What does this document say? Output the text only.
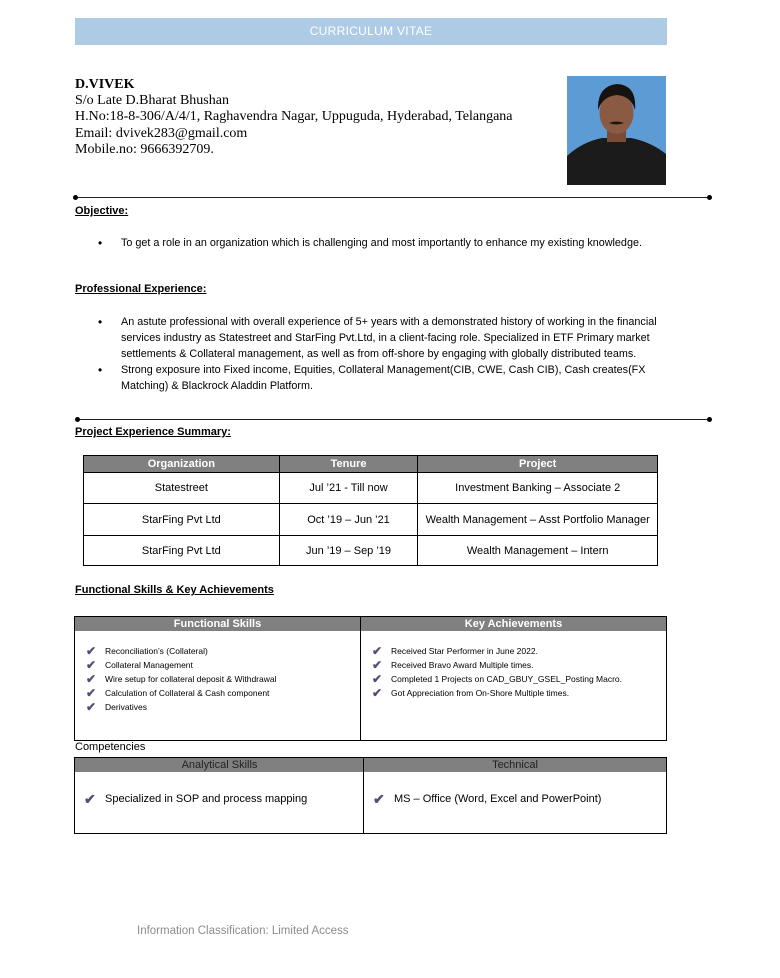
CURRICULUM VITAE
D.VIVEK
S/o Late D.Bharat Bhushan
H.No:18-8-306/A/4/1, Raghavendra Nagar, Uppuguda, Hyderabad, Telangana
Email: dvivek283@gmail.com
Mobile.no: 9666392709.
Objective:
• To get a role in an organization which is challenging and most importantly to enhance my existing knowledge.
Professional Experience:
• An astute professional with overall experience of 5+ years with a demonstrated history of working in the financial services industry as Statestreet and StarFing Pvt.Ltd, in a client-facing role. Specialized in ETF Primary market settlements & Collateral management, as well as from off-shore by engaging with globally distributed teams.
• Strong exposure into Fixed income, Equities, Collateral Management(CIB, CWE, Cash CIB), Cash creates(FX Matching) & Blackrock Aladdin Platform.
Project Experience Summary:
Organization	Tenure	Project
Statestreet	Jul ’21 - Till now	Investment Banking – Associate 2
StarFing Pvt Ltd	Oct ’19 – Jun ’21	Wealth Management – Asst Portfolio Manager
StarFing Pvt Ltd	Jun ’19 – Sep ’19	Wealth Management – Intern
Functional Skills & Key Achievements
Functional Skills
✔ Reconciliation’s (Collateral)
✔ Collateral Management
✔ Wire setup for collateral deposit & Withdrawal
✔ Calculation of Collateral & Cash component
✔ Derivatives
Key Achievements
✔ Received Star Performer in June 2022.
✔ Received Bravo Award Multiple times.
✔ Completed 1 Projects on CAD_GBUY_GSEL_Posting Macro.
✔ Got Appreciation from On-Shore Multiple times.
Competencies
Analytical Skills
✔ Specialized in SOP and process mapping
Technical
✔ MS – Office (Word, Excel and PowerPoint)
Information Classification: Limited Access
